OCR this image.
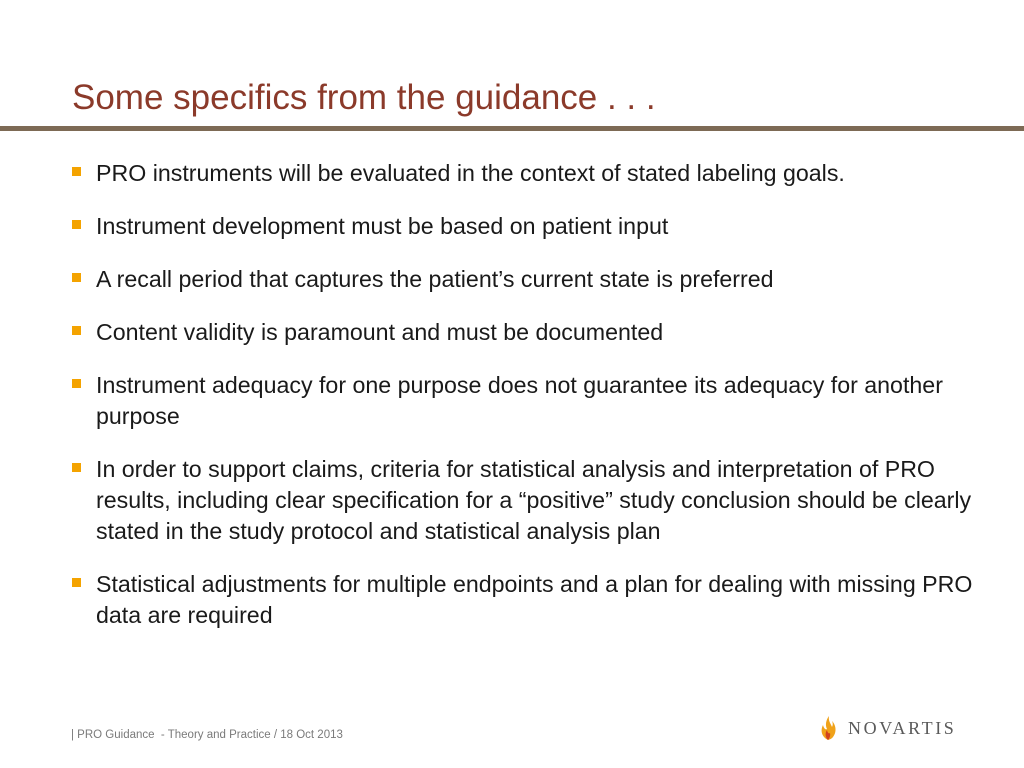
Some specifics from the guidance . . .
PRO instruments will be evaluated in the context of stated labeling goals.
Instrument development must be based on patient input
A recall period that captures the patient’s current state is preferred
Content validity is paramount and must be documented
Instrument adequacy for one purpose does not guarantee its adequacy for another purpose
In order to support claims, criteria for statistical analysis and interpretation of PRO results, including clear specification for a “positive” study conclusion should be clearly stated in the study protocol and statistical analysis plan
Statistical adjustments for multiple endpoints and a plan for dealing with missing PRO data are required
| PRO Guidance  - Theory and Practice / 18 Oct 2013	NOVARTIS
